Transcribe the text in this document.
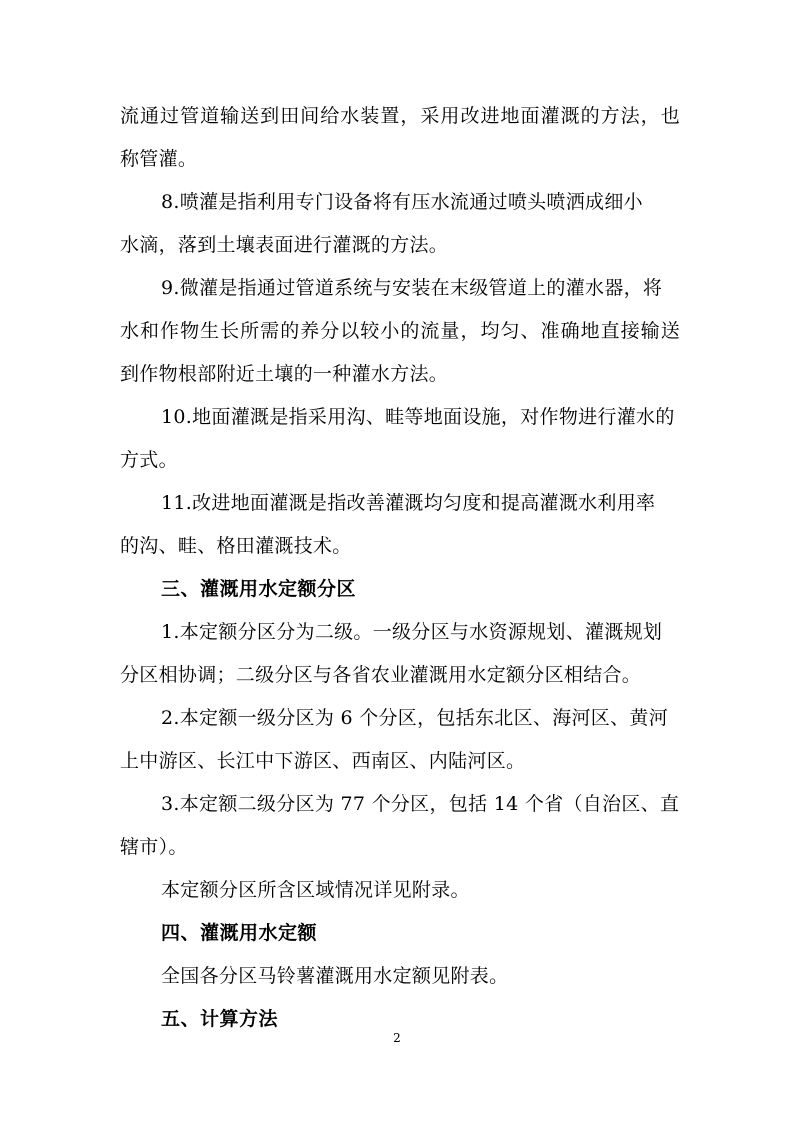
流通过管道输送到田间给水装置，采用改进地面灌溉的方法，也
称管灌。
8.喷灌是指利用专门设备将有压水流通过喷头喷洒成细小
水滴，落到土壤表面进行灌溉的方法。
9.微灌是指通过管道系统与安装在末级管道上的灌水器，将
水和作物生长所需的养分以较小的流量，均匀、准确地直接输送
到作物根部附近土壤的一种灌水方法。
10.地面灌溉是指采用沟、畦等地面设施，对作物进行灌水的
方式。
11.改进地面灌溉是指改善灌溉均匀度和提高灌溉水利用率
的沟、畦、格田灌溉技术。
三、灌溉用水定额分区
1.本定额分区分为二级。一级分区与水资源规划、灌溉规划
分区相协调；二级分区与各省农业灌溉用水定额分区相结合。
2.本定额一级分区为 6 个分区，包括东北区、海河区、黄河
上中游区、长江中下游区、西南区、内陆河区。
3.本定额二级分区为 77 个分区，包括 14 个省（自治区、直
辖市）。
本定额分区所含区域情况详见附录。
四、灌溉用水定额
全国各分区马铃薯灌溉用水定额见附表。
五、计算方法
2
